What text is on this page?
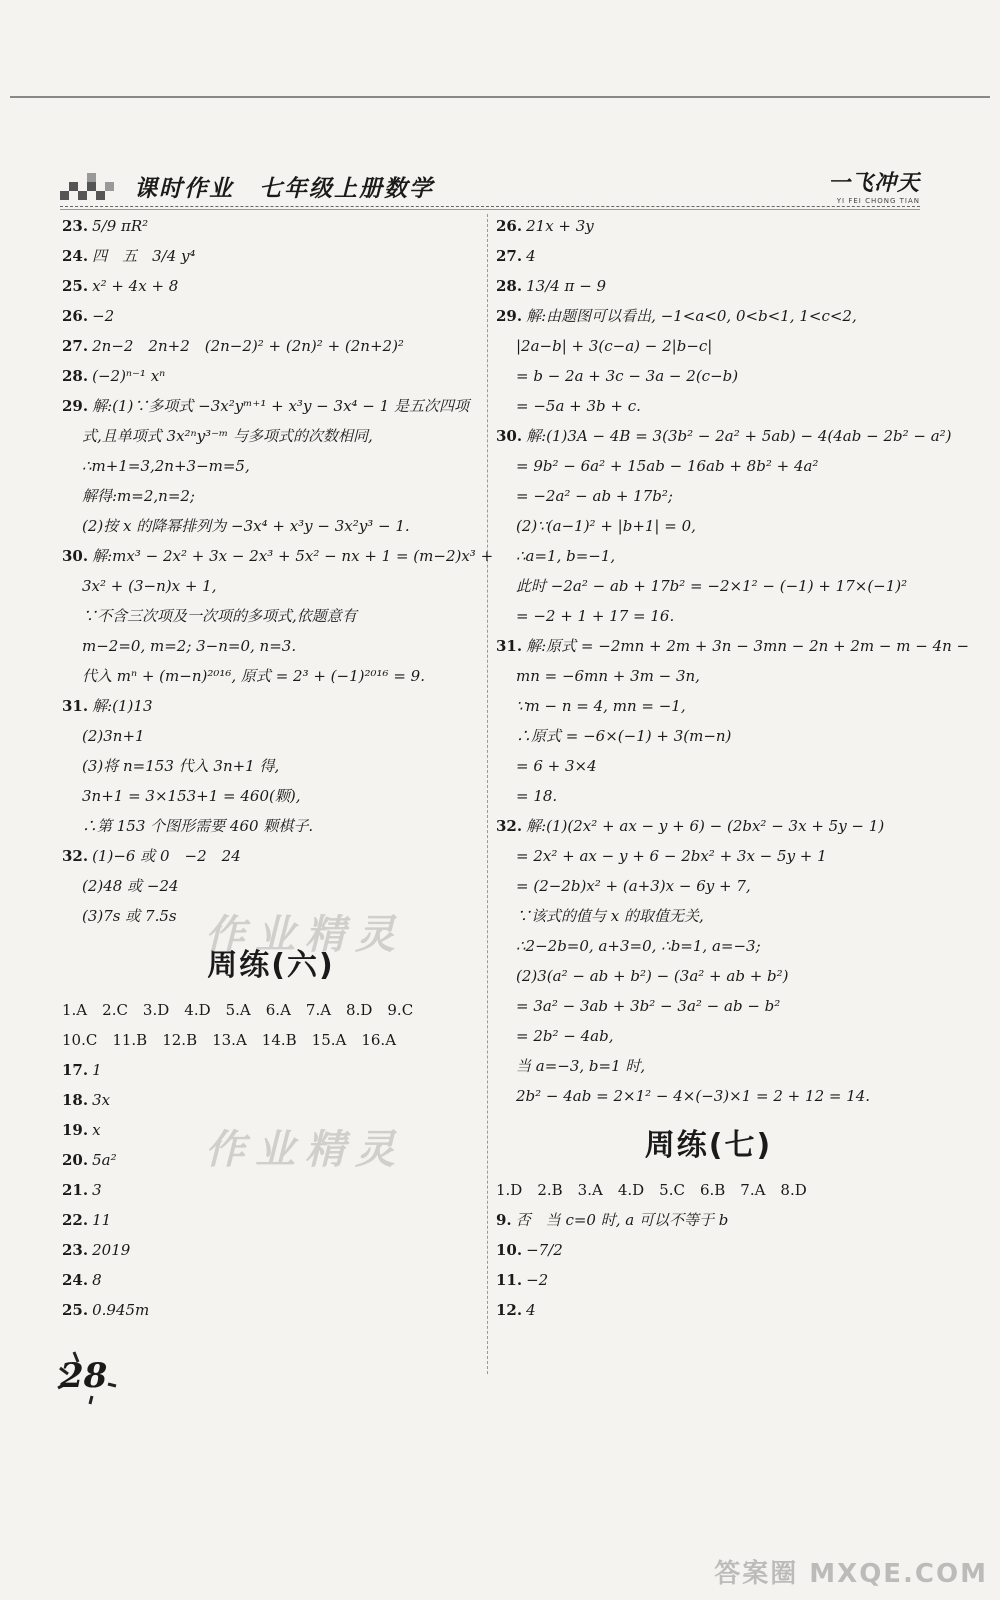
课时作业　七年级上册数学	一飞冲天
YI FEI CHONG TIAN
23. 5/9 πR²
24. 四　五　3/4 y⁴
25. x² + 4x + 8
26. −2
27. 2n−2　2n+2　(2n−2)² + (2n)² + (2n+2)²
28. (−2)ⁿ⁻¹ xⁿ
29. 解:(1)∵多项式 −3x²yᵐ⁺¹ + x³y − 3x⁴ − 1 是五次四项
式,且单项式 3x²ⁿy³⁻ᵐ 与多项式的次数相同,
∴m+1=3,2n+3−m=5,
解得:m=2,n=2;
(2)按 x 的降幂排列为 −3x⁴ + x³y − 3x²y³ − 1.
30. 解:mx³ − 2x² + 3x − 2x³ + 5x² − nx + 1 = (m−2)x³ +
3x² + (3−n)x + 1,
∵不含三次项及一次项的多项式,依题意有
m−2=0, m=2; 3−n=0, n=3.
代入 mⁿ + (m−n)²⁰¹⁶, 原式 = 2³ + (−1)²⁰¹⁶ = 9.
31. 解:(1)13
(2)3n+1
(3)将 n=153 代入 3n+1 得,
3n+1 = 3×153+1 = 460(颗),
∴第 153 个图形需要 460 颗棋子.
32. (1)−6 或 0　−2　24
(2)48 或 −24
(3)7s 或 7.5s
周练(六)
1.A　2.C　3.D　4.D　5.A　6.A　7.A　8.D　9.C
10.C　11.B　12.B　13.A　14.B　15.A　16.A
17. 1
18. 3x
19. x
20. 5a²
21. 3
22. 11
23. 2019
24. 8
25. 0.945m
26. 21x + 3y
27. 4
28. 13/4 π − 9
29. 解:由题图可以看出, −1<a<0, 0<b<1, 1<c<2,
|2a−b| + 3(c−a) − 2|b−c|
= b − 2a + 3c − 3a − 2(c−b)
= −5a + 3b + c.
30. 解:(1)3A − 4B = 3(3b² − 2a² + 5ab) − 4(4ab − 2b² − a²)
= 9b² − 6a² + 15ab − 16ab + 8b² + 4a²
= −2a² − ab + 17b²;
(2)∵(a−1)² + |b+1| = 0,
∴a=1, b=−1,
此时 −2a² − ab + 17b² = −2×1² − (−1) + 17×(−1)²
= −2 + 1 + 17 = 16.
31. 解:原式 = −2mn + 2m + 3n − 3mn − 2n + 2m − m − 4n −
mn = −6mn + 3m − 3n,
∵m − n = 4, mn = −1,
∴原式 = −6×(−1) + 3(m−n)
= 6 + 3×4
= 18.
32. 解:(1)(2x² + ax − y + 6) − (2bx² − 3x + 5y − 1)
= 2x² + ax − y + 6 − 2bx² + 3x − 5y + 1
= (2−2b)x² + (a+3)x − 6y + 7,
∵该式的值与 x 的取值无关,
∴2−2b=0, a+3=0, ∴b=1, a=−3;
(2)3(a² − ab + b²) − (3a² + ab + b²)
= 3a² − 3ab + 3b² − 3a² − ab − b²
= 2b² − 4ab,
当 a=−3, b=1 时,
2b² − 4ab = 2×1² − 4×(−3)×1 = 2 + 12 = 14.
周练(七)
1.D　2.B　3.A　4.D　5.C　6.B　7.A　8.D
9. 否　当 c=0 时, a 可以不等于 b
10. −7/2
11. −2
12. 4
作业精灵
作业精灵
28
答案圈 MXQE.COM
